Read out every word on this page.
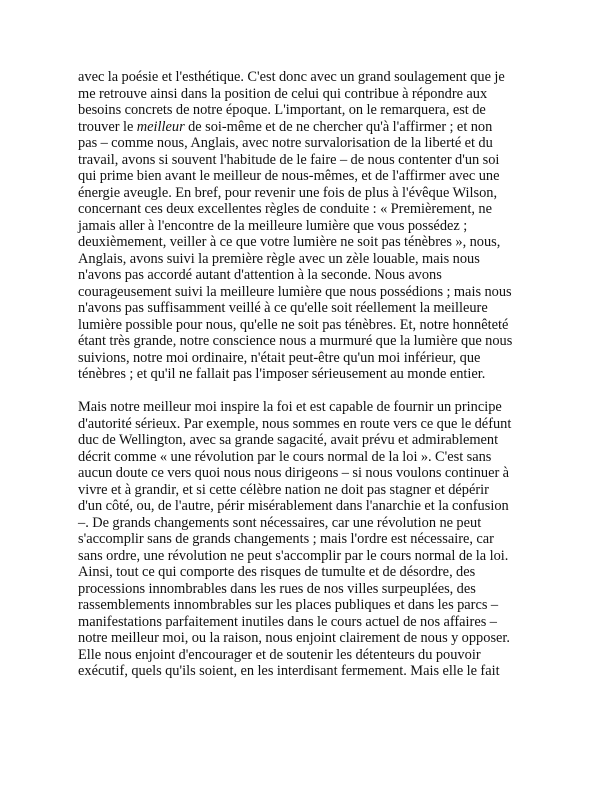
avec la poésie et l'esthétique. C'est donc avec un grand soulagement que je
me retrouve ainsi dans la position de celui qui contribue à répondre aux
besoins concrets de notre époque. L'important, on le remarquera, est de
trouver le meilleur de soi-même et de ne chercher qu'à l'affirmer ; et non
pas – comme nous, Anglais, avec notre survalorisation de la liberté et du
travail, avons si souvent l'habitude de le faire – de nous contenter d'un soi
qui prime bien avant le meilleur de nous-mêmes, et de l'affirmer avec une
énergie aveugle. En bref, pour revenir une fois de plus à l'évêque Wilson,
concernant ces deux excellentes règles de conduite : « Premièrement, ne
jamais aller à l'encontre de la meilleure lumière que vous possédez ;
deuxièmement, veiller à ce que votre lumière ne soit pas ténèbres », nous,
Anglais, avons suivi la première règle avec un zèle louable, mais nous
n'avons pas accordé autant d'attention à la seconde. Nous avons
courageusement suivi la meilleure lumière que nous possédions ; mais nous
n'avons pas suffisamment veillé à ce qu'elle soit réellement la meilleure
lumière possible pour nous, qu'elle ne soit pas ténèbres. Et, notre honnêteté
étant très grande, notre conscience nous a murmuré que la lumière que nous
suivions, notre moi ordinaire, n'était peut-être qu'un moi inférieur, que
ténèbres ; et qu'il ne fallait pas l'imposer sérieusement au monde entier.

Mais notre meilleur moi inspire la foi et est capable de fournir un principe
d'autorité sérieux. Par exemple, nous sommes en route vers ce que le défunt
duc de Wellington, avec sa grande sagacité, avait prévu et admirablement
décrit comme « une révolution par le cours normal de la loi ». C'est sans
aucun doute ce vers quoi nous nous dirigeons – si nous voulons continuer à
vivre et à grandir, et si cette célèbre nation ne doit pas stagner et dépérir
d'un côté, ou, de l'autre, périr misérablement dans l'anarchie et la confusion
–. De grands changements sont nécessaires, car une révolution ne peut
s'accomplir sans de grands changements ; mais l'ordre est nécessaire, car
sans ordre, une révolution ne peut s'accomplir par le cours normal de la loi.
Ainsi, tout ce qui comporte des risques de tumulte et de désordre, des
processions innombrables dans les rues de nos villes surpeuplées, des
rassemblements innombrables sur les places publiques et dans les parcs –
manifestations parfaitement inutiles dans le cours actuel de nos affaires –
notre meilleur moi, ou la raison, nous enjoint clairement de nous y opposer.
Elle nous enjoint d'encourager et de soutenir les détenteurs du pouvoir
exécutif, quels qu'ils soient, en les interdisant fermement. Mais elle le fait
